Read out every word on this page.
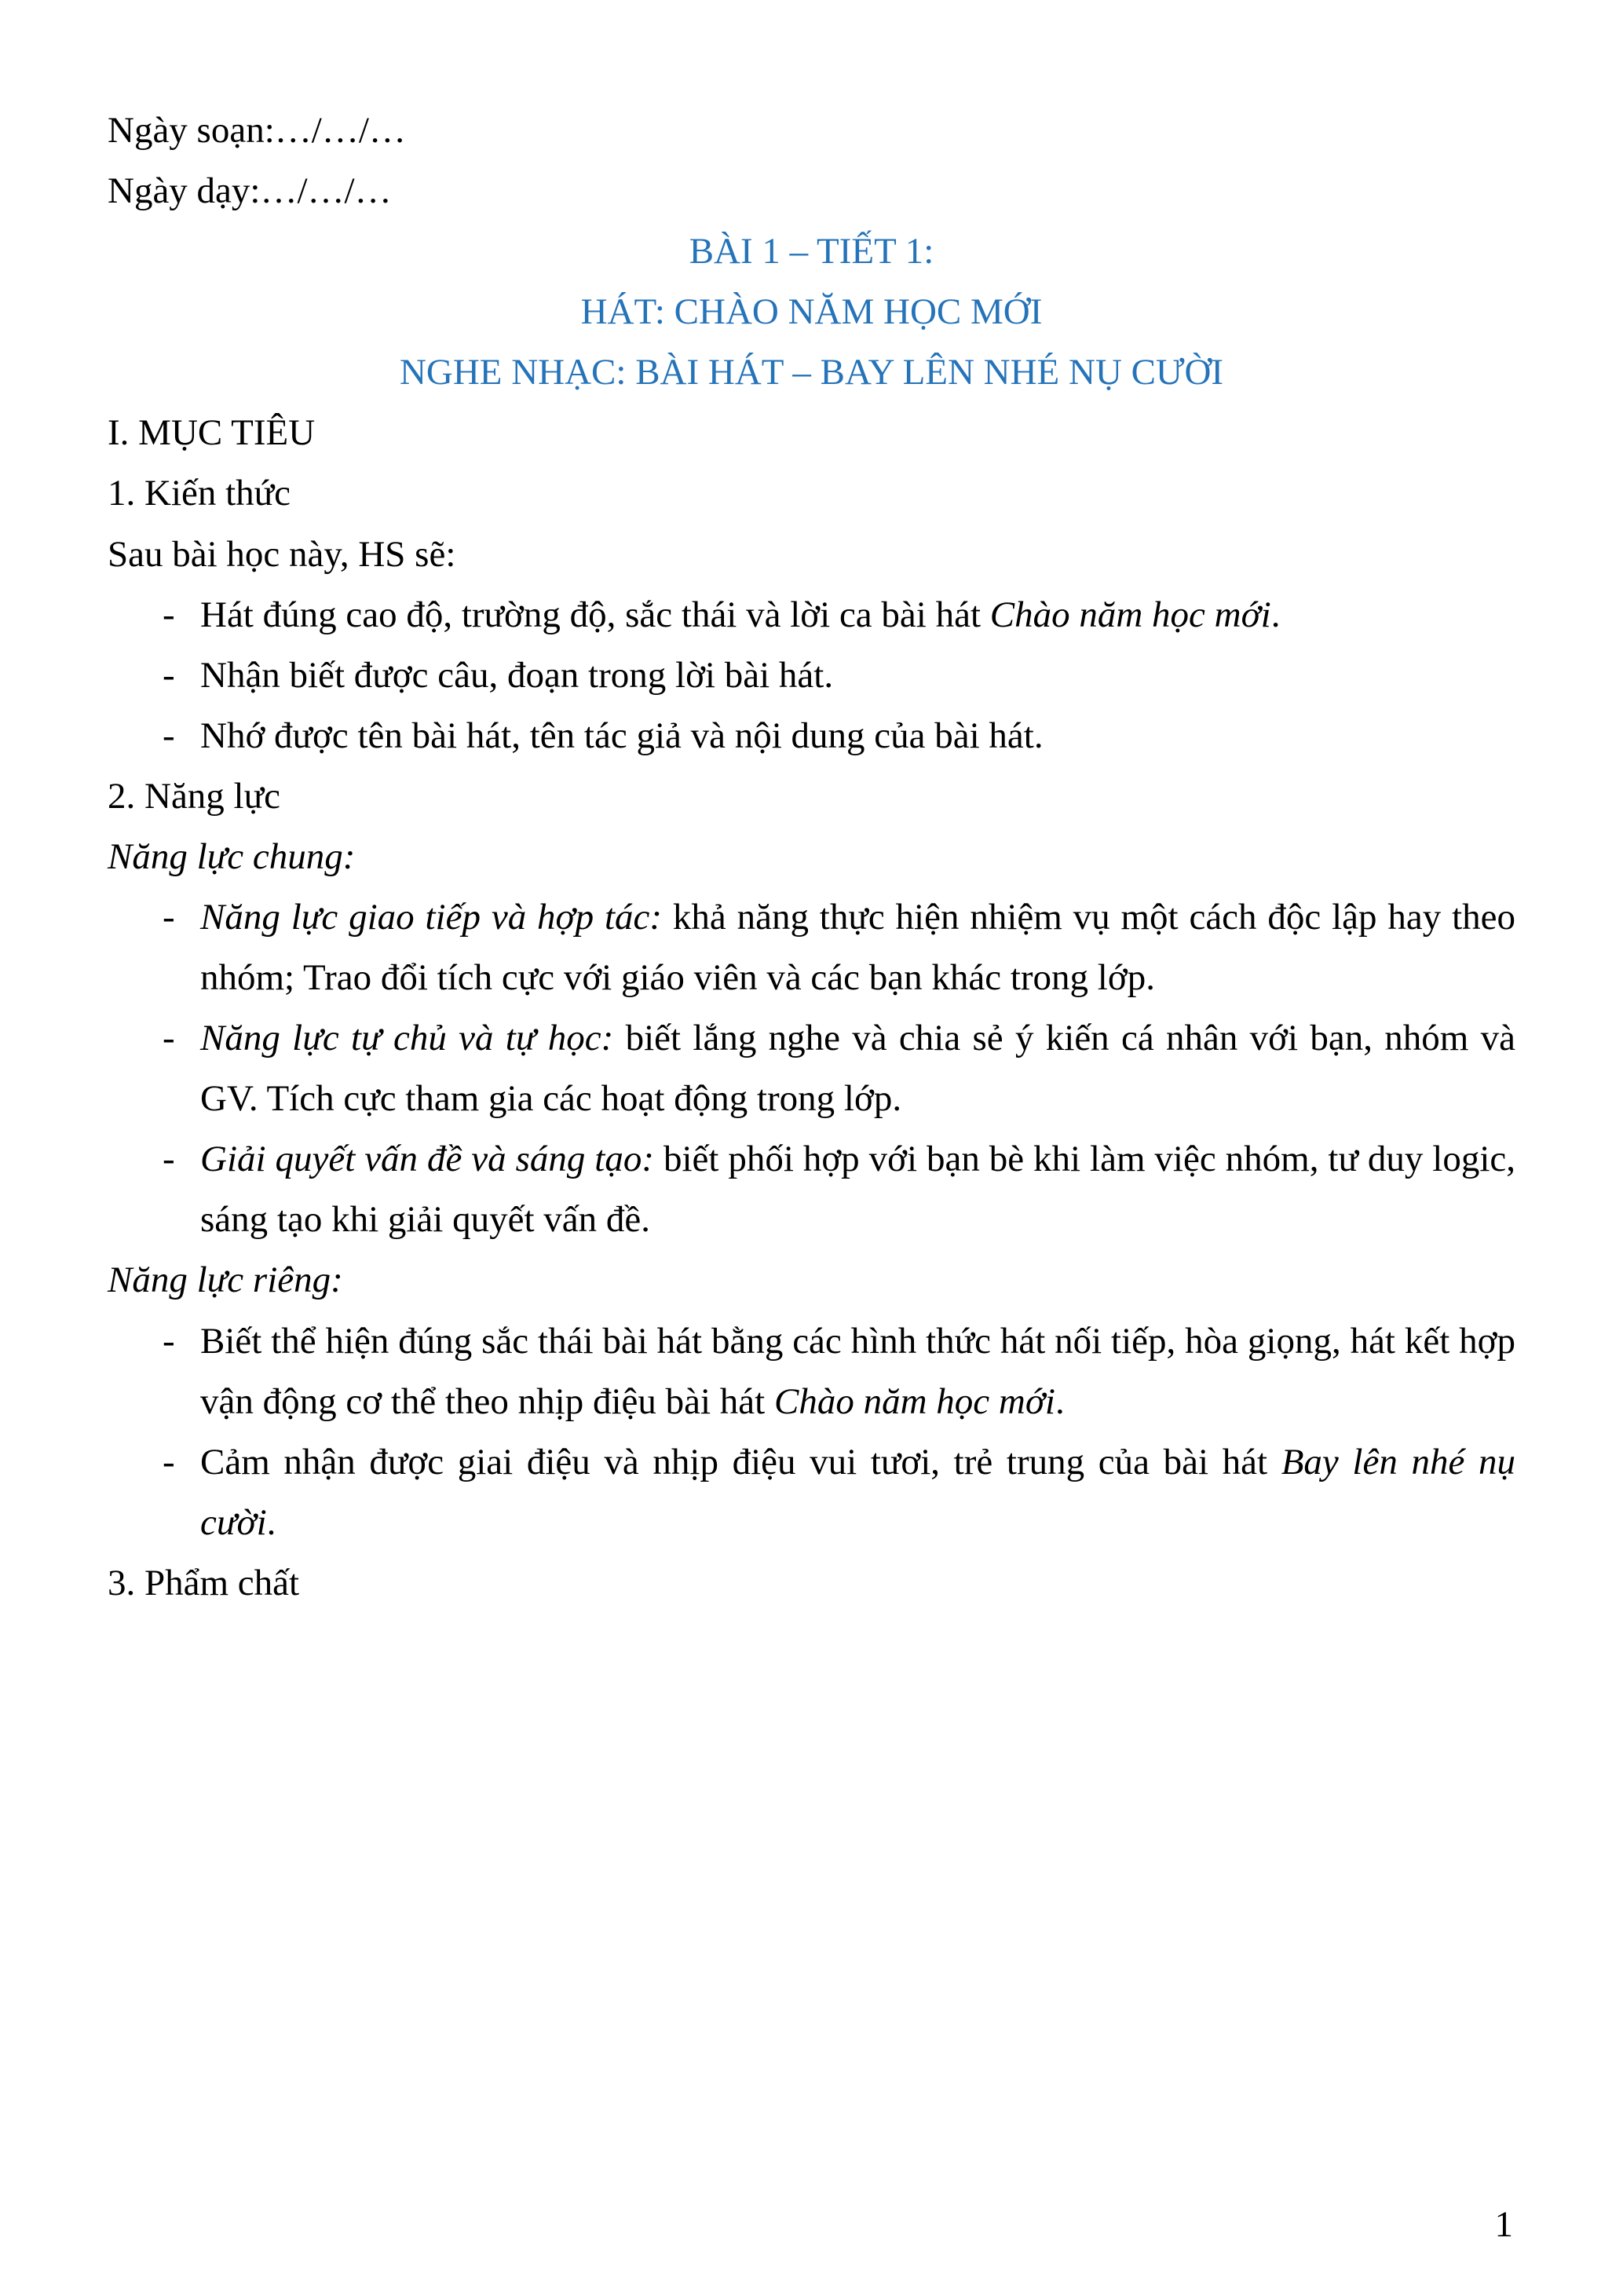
Ngày soạn:…/…/…

Ngày dạy:…/…/…

BÀI 1 – TIẾT 1:
HÁT: CHÀO NĂM HỌC MỚI
NGHE NHẠC: BÀI HÁT – BAY LÊN NHÉ NỤ CƯỜI
I. MỤC TIÊU
1. Kiến thức

Sau bài học này, HS sẽ:

- Hát đúng cao độ, trường độ, sắc thái và lời ca bài hát Chào năm học mới.
- Nhận biết được câu, đoạn trong lời bài hát.
- Nhớ được tên bài hát, tên tác giả và nội dung của bài hát.
2. Năng lực
Năng lực chung:
- Năng lực giao tiếp và hợp tác: khả năng thực hiện nhiệm vụ một cách độc lập hay theo nhóm; Trao đổi tích cực với giáo viên và các bạn khác trong lớp.
- Năng lực tự chủ và tự học: biết lắng nghe và chia sẻ ý kiến cá nhân với bạn, nhóm và GV. Tích cực tham gia các hoạt động trong lớp.
- Giải quyết vấn đề và sáng tạo: biết phối hợp với bạn bè khi làm việc nhóm, tư duy logic, sáng tạo khi giải quyết vấn đề.
Năng lực riêng:
- Biết thể hiện đúng sắc thái bài hát bằng các hình thức hát nối tiếp, hòa giọng, hát kết hợp vận động cơ thể theo nhịp điệu bài hát Chào năm học mới.
- Cảm nhận được giai điệu và nhịp điệu vui tươi, trẻ trung của bài hát Bay lên nhé nụ cười.
3. Phẩm chất
1
